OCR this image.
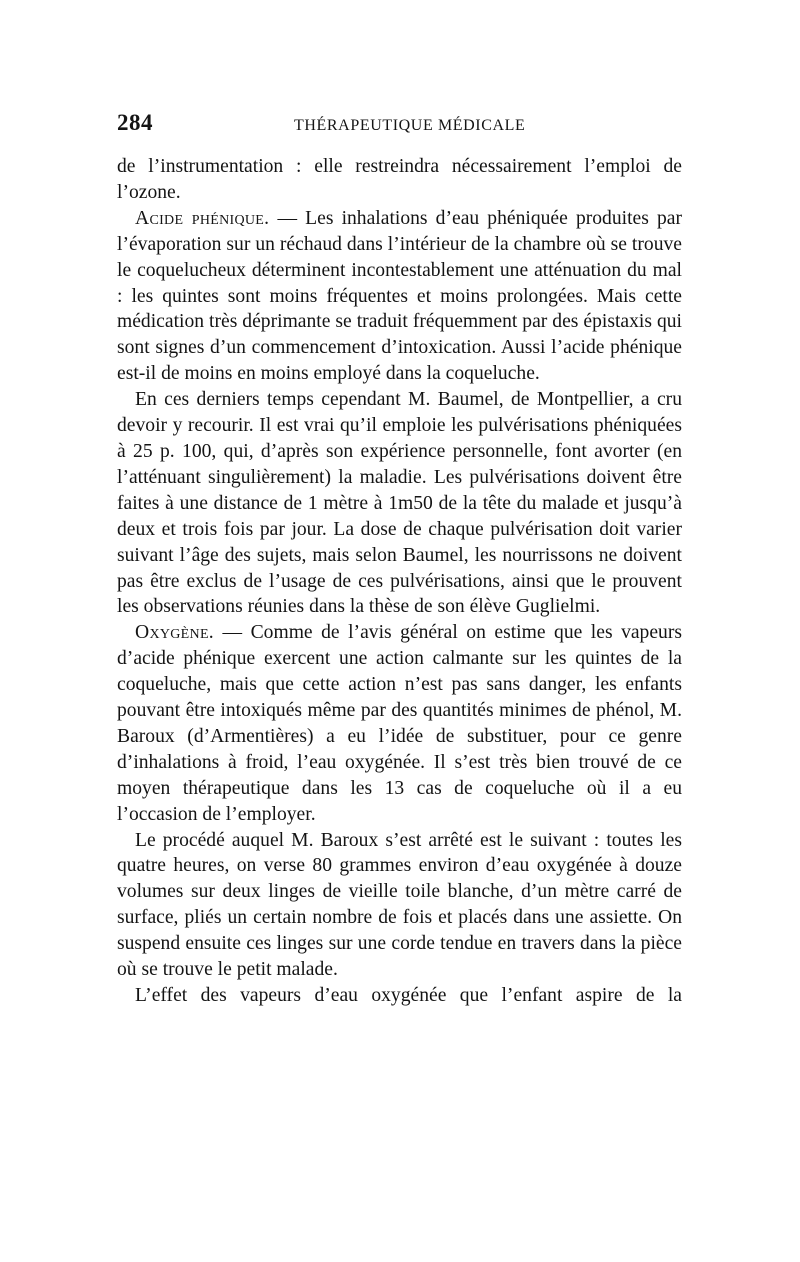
284	THÉRAPEUTIQUE MÉDICALE

de l’instrumentation : elle restreindra nécessairement l’emploi de l’ozone.

Acide phénique. — Les inhalations d’eau phéniquée produites par l’évaporation sur un réchaud dans l’intérieur de la chambre où se trouve le coquelucheux déterminent incontestablement une atténuation du mal : les quintes sont moins fréquentes et moins prolongées. Mais cette médication très déprimante se traduit fréquemment par des épistaxis qui sont signes d’un commencement d’intoxication. Aussi l’acide phénique est-il de moins en moins employé dans la coqueluche.

En ces derniers temps cependant M. Baumel, de Montpellier, a cru devoir y recourir. Il est vrai qu’il emploie les pulvérisations phéniquées à 25 p. 100, qui, d’après son expérience personnelle, font avorter (en l’atténuant singulièrement) la maladie. Les pulvérisations doivent être faites à une distance de 1 mètre à 1m50 de la tête du malade et jusqu’à deux et trois fois par jour. La dose de chaque pulvérisation doit varier suivant l’âge des sujets, mais selon Baumel, les nourrissons ne doivent pas être exclus de l’usage de ces pulvérisations, ainsi que le prouvent les observations réunies dans la thèse de son élève Guglielmi.

Oxygène. — Comme de l’avis général on estime que les vapeurs d’acide phénique exercent une action calmante sur les quintes de la coqueluche, mais que cette action n’est pas sans danger, les enfants pouvant être intoxiqués même par des quantités minimes de phénol, M. Baroux (d’Armentières) a eu l’idée de substituer, pour ce genre d’inhalations à froid, l’eau oxygénée. Il s’est très bien trouvé de ce moyen thérapeutique dans les 13 cas de coqueluche où il a eu l’occasion de l’employer.

Le procédé auquel M. Baroux s’est arrêté est le suivant : toutes les quatre heures, on verse 80 grammes environ d’eau oxygénée à douze volumes sur deux linges de vieille toile blanche, d’un mètre carré de surface, pliés un certain nombre de fois et placés dans une assiette. On suspend ensuite ces linges sur une corde tendue en travers dans la pièce où se trouve le petit malade.

L’effet des vapeurs d’eau oxygénée que l’enfant aspire de la
